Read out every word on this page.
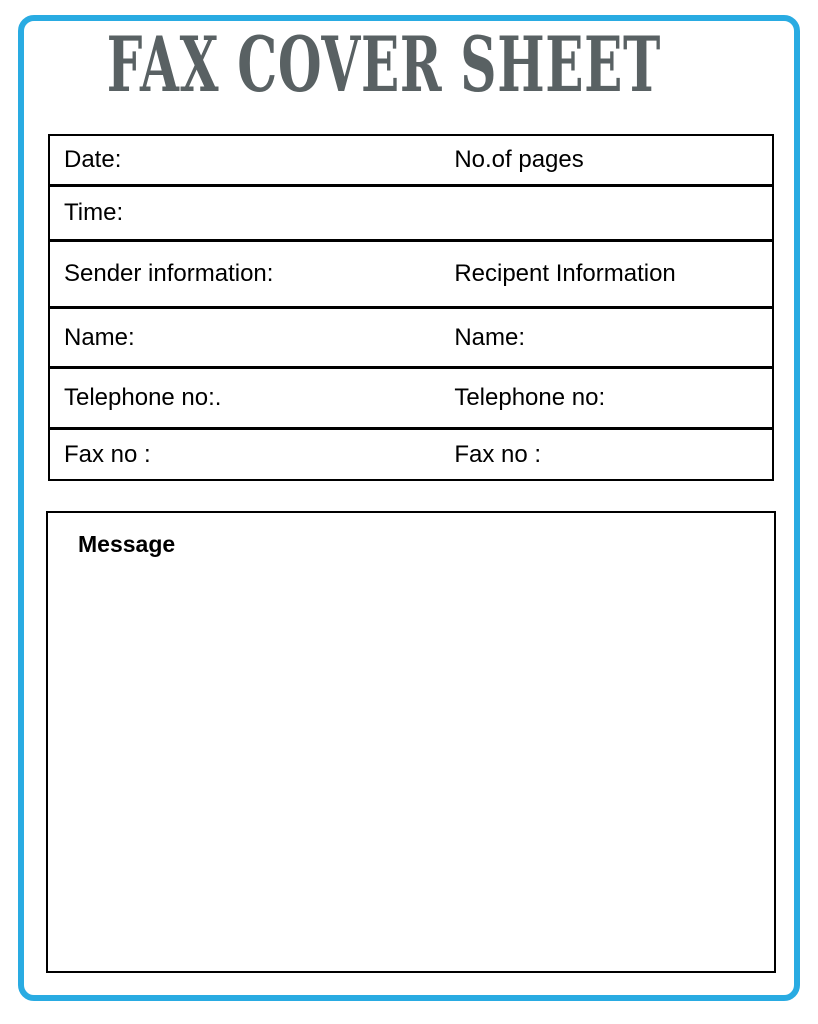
FAX COVER SHEET
Date:	No.of pages
Time:
Sender information:	Recipent Information
Name:	Name:
Telephone no:.	Telephone no:
Fax no :	Fax no :
Message
